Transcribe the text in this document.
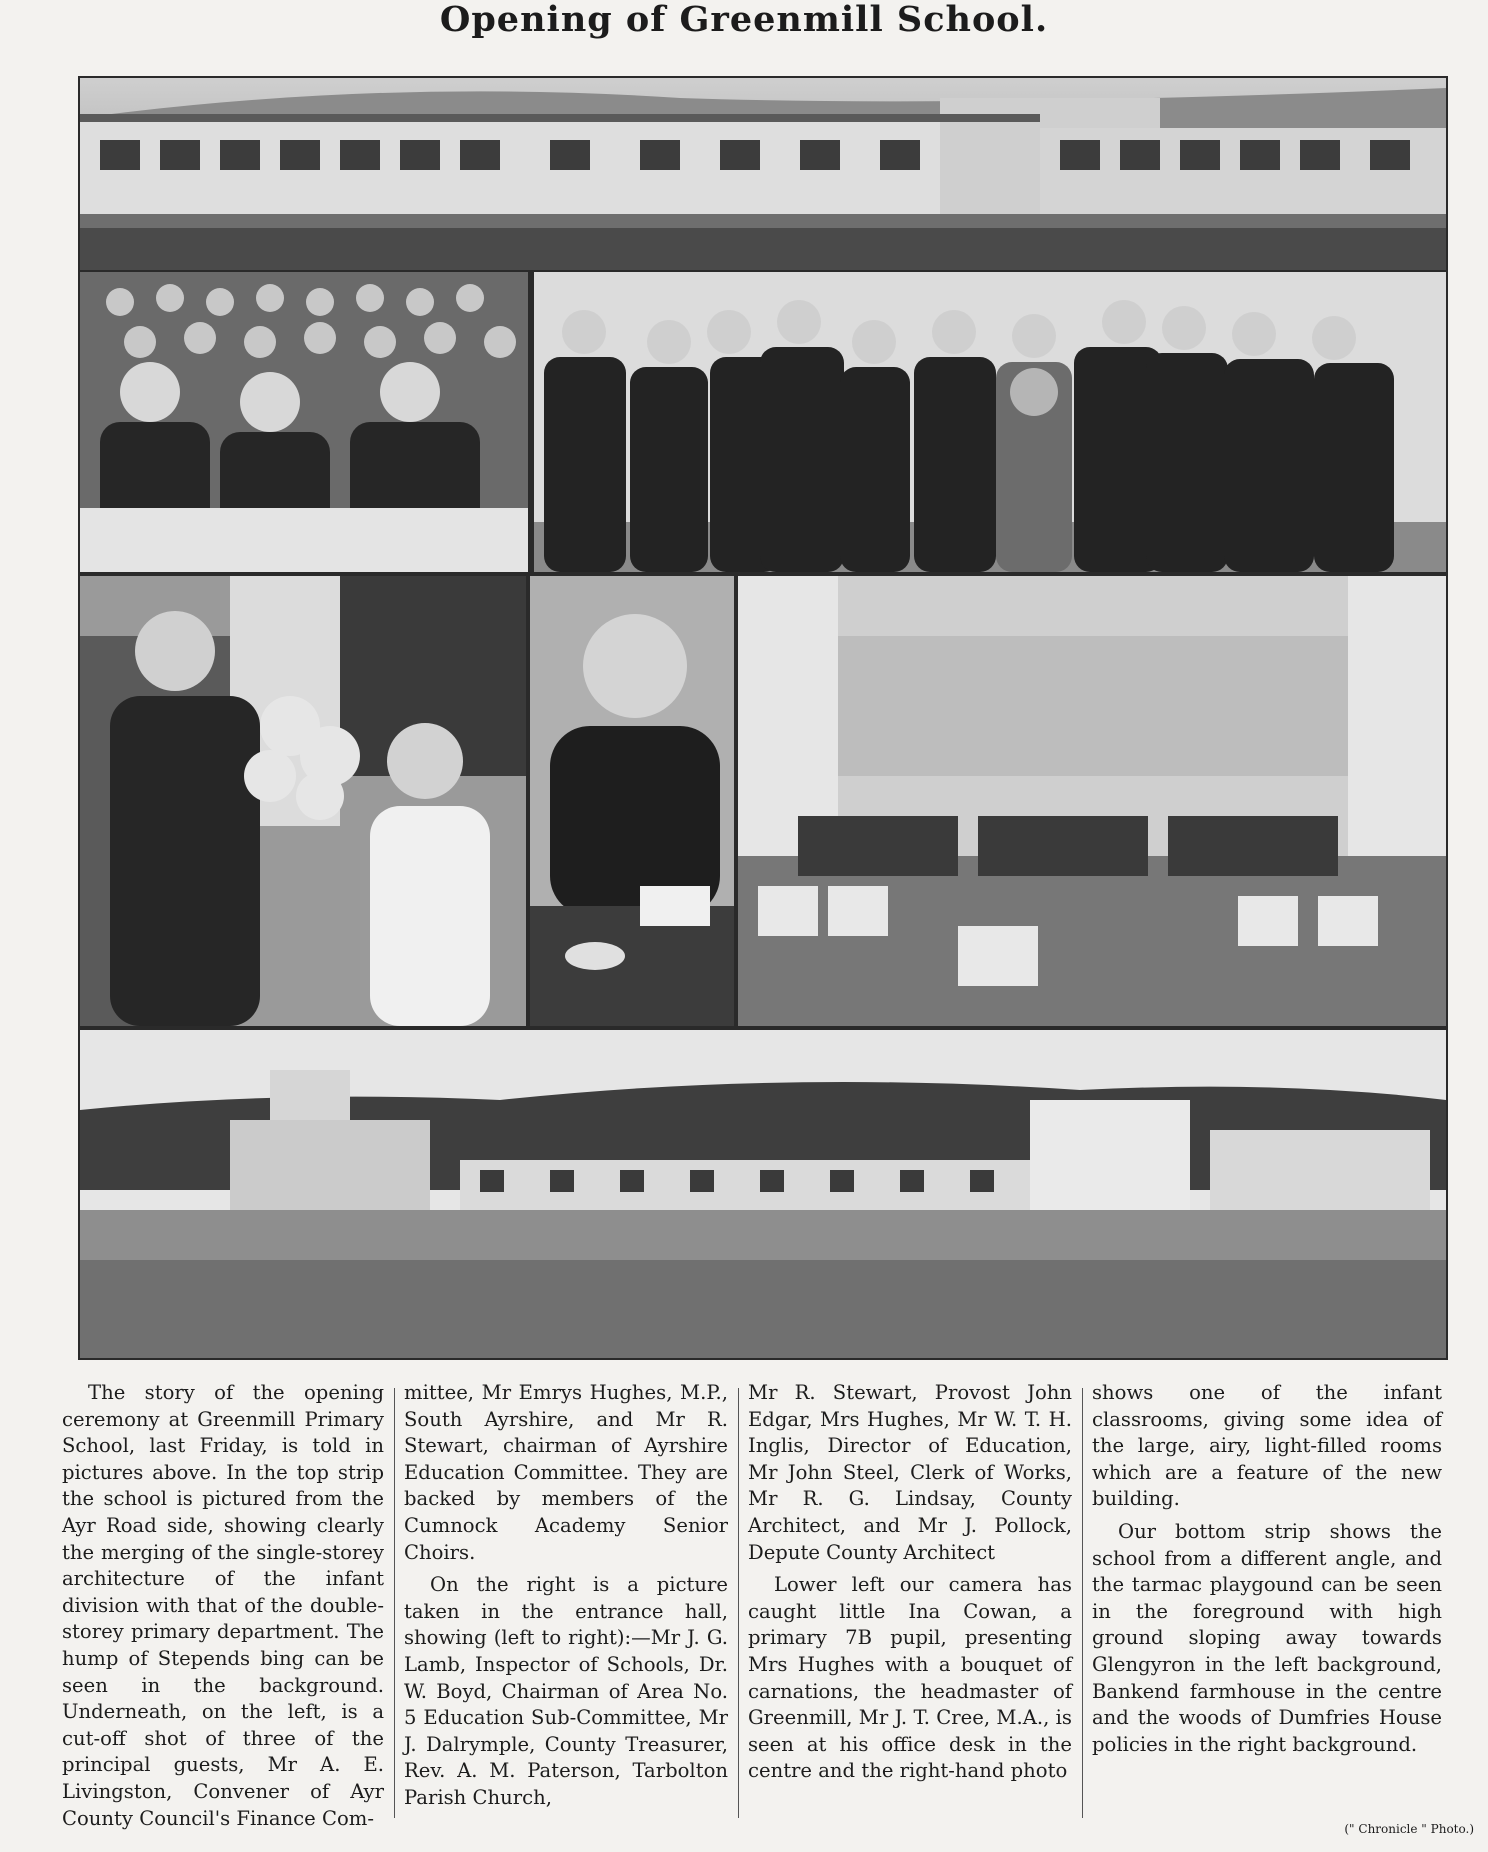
Opening of Greenmill School.

The story of the opening ceremony at Greenmill Primary School, last Friday, is told in pictures above. In the top strip the school is pictured from the Ayr Road side, showing clearly the merging of the single-storey architecture of the infant division with that of the double-storey primary department. The hump of Stepends bing can be seen in the background. Underneath, on the left, is a cut-off shot of three of the principal guests, Mr A. E. Livingston, Convener of Ayr County Council's Finance Com-

mittee, Mr Emrys Hughes, M.P., South Ayrshire, and Mr R. Stewart, chairman of Ayrshire Education Committee. They are backed by members of the Cumnock Academy Senior Choirs.

On the right is a picture taken in the entrance hall, showing (left to right):—Mr J. G. Lamb, Inspector of Schools, Dr. W. Boyd, Chairman of Area No. 5 Education Sub-Committee, Mr J. Dalrymple, County Treasurer, Rev. A. M. Paterson, Tarbolton Parish Church,

Mr R. Stewart, Provost John Edgar, Mrs Hughes, Mr W. T. H. Inglis, Director of Education, Mr John Steel, Clerk of Works, Mr R. G. Lindsay, County Architect, and Mr J. Pollock, Depute County Architect

Lower left our camera has caught little Ina Cowan, a primary 7B pupil, presenting Mrs Hughes with a bouquet of carnations, the headmaster of Greenmill, Mr J. T. Cree, M.A., is seen at his office desk in the centre and the right-hand photo

shows one of the infant classrooms, giving some idea of the large, airy, light-filled rooms which are a feature of the new building.

Our bottom strip shows the school from a different angle, and the tarmac playgound can be seen in the foreground with high ground sloping away towards Glengyron in the left background, Bankend farmhouse in the centre and the woods of Dumfries House policies in the right background.

(" Chronicle " Photo.)
